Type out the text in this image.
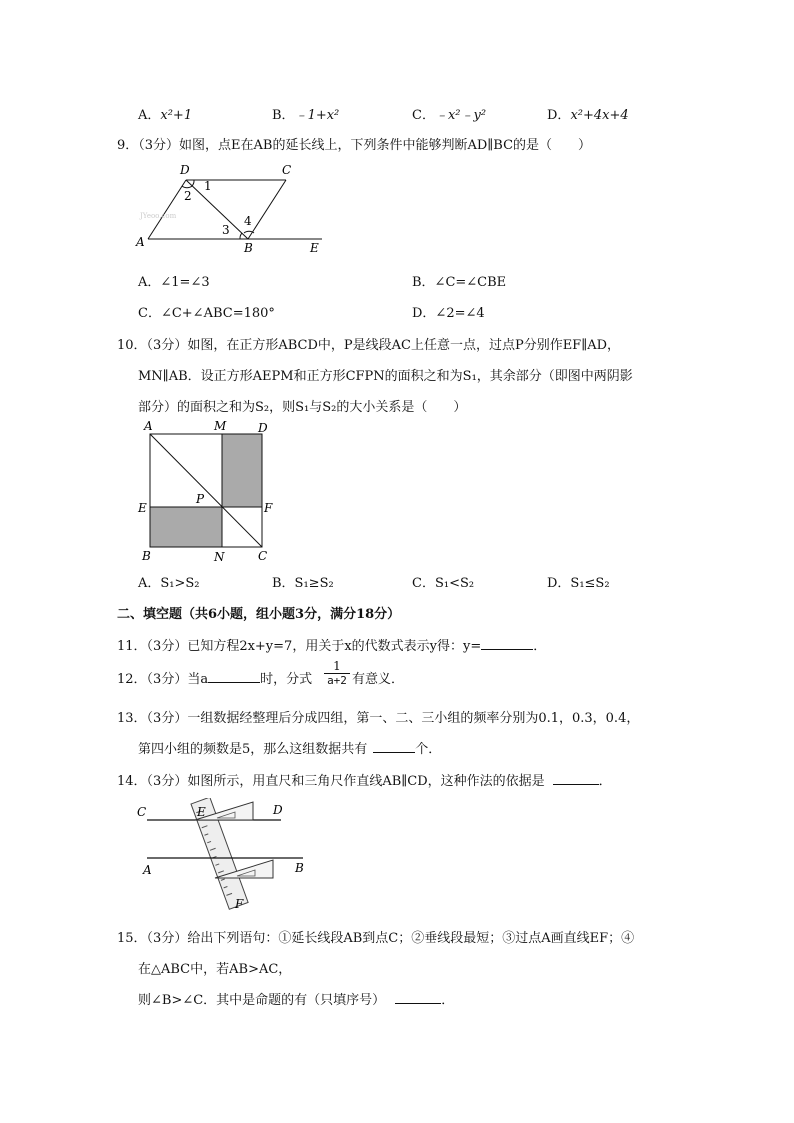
A．x²+1	B．﹣1+x²	C．﹣x²﹣y²	D．x²+4x+4
9．（3分）如图，点E在AB的延长线上，下列条件中能够判断AD∥BC的是（　　）
D	C
A	B	E
1
2
3
4
JYeoo.com
A．∠1=∠3	B．∠C=∠CBE
C．∠C+∠ABC=180°	D．∠2=∠4
10．（3分）如图，在正方形ABCD中，P是线段AC上任意一点，过点P分别作EF∥AD，
MN∥AB．设正方形AEPM和正方形CFPN的面积之和为S₁，其余部分（即图中两阴影
部分）的面积之和为S₂，则S₁与S₂的大小关系是（　　）
A	M	D
E
P
F
B	N	C
A．S₁>S₂	B．S₁≥S₂	C．S₁<S₂	D．S₁≤S₂
二、填空题（共6小题，组小题3分，满分18分）
11．（3分）已知方程2x+y=7，用关于x的代数式表示y得：y=	．
12．（3分）当a	时，分式
1
a+2 有意义．
13．（3分）一组数据经整理后分成四组，第一、二、三小组的频率分别为0.1，0.3，0.4，
第四小组的频数是5，那么这组数据共有	个．
14．（3分）如图所示，用直尺和三角尺作直线AB∥CD，这种作法的依据是	．
C	E	D
A	B
F
15．（3分）给出下列语句：①延长线段AB到点C；②垂线段最短；③过点A画直线EF；④
在△ABC中，若AB>AC，
则∠B>∠C．其中是命题的有（只填序号）	．
